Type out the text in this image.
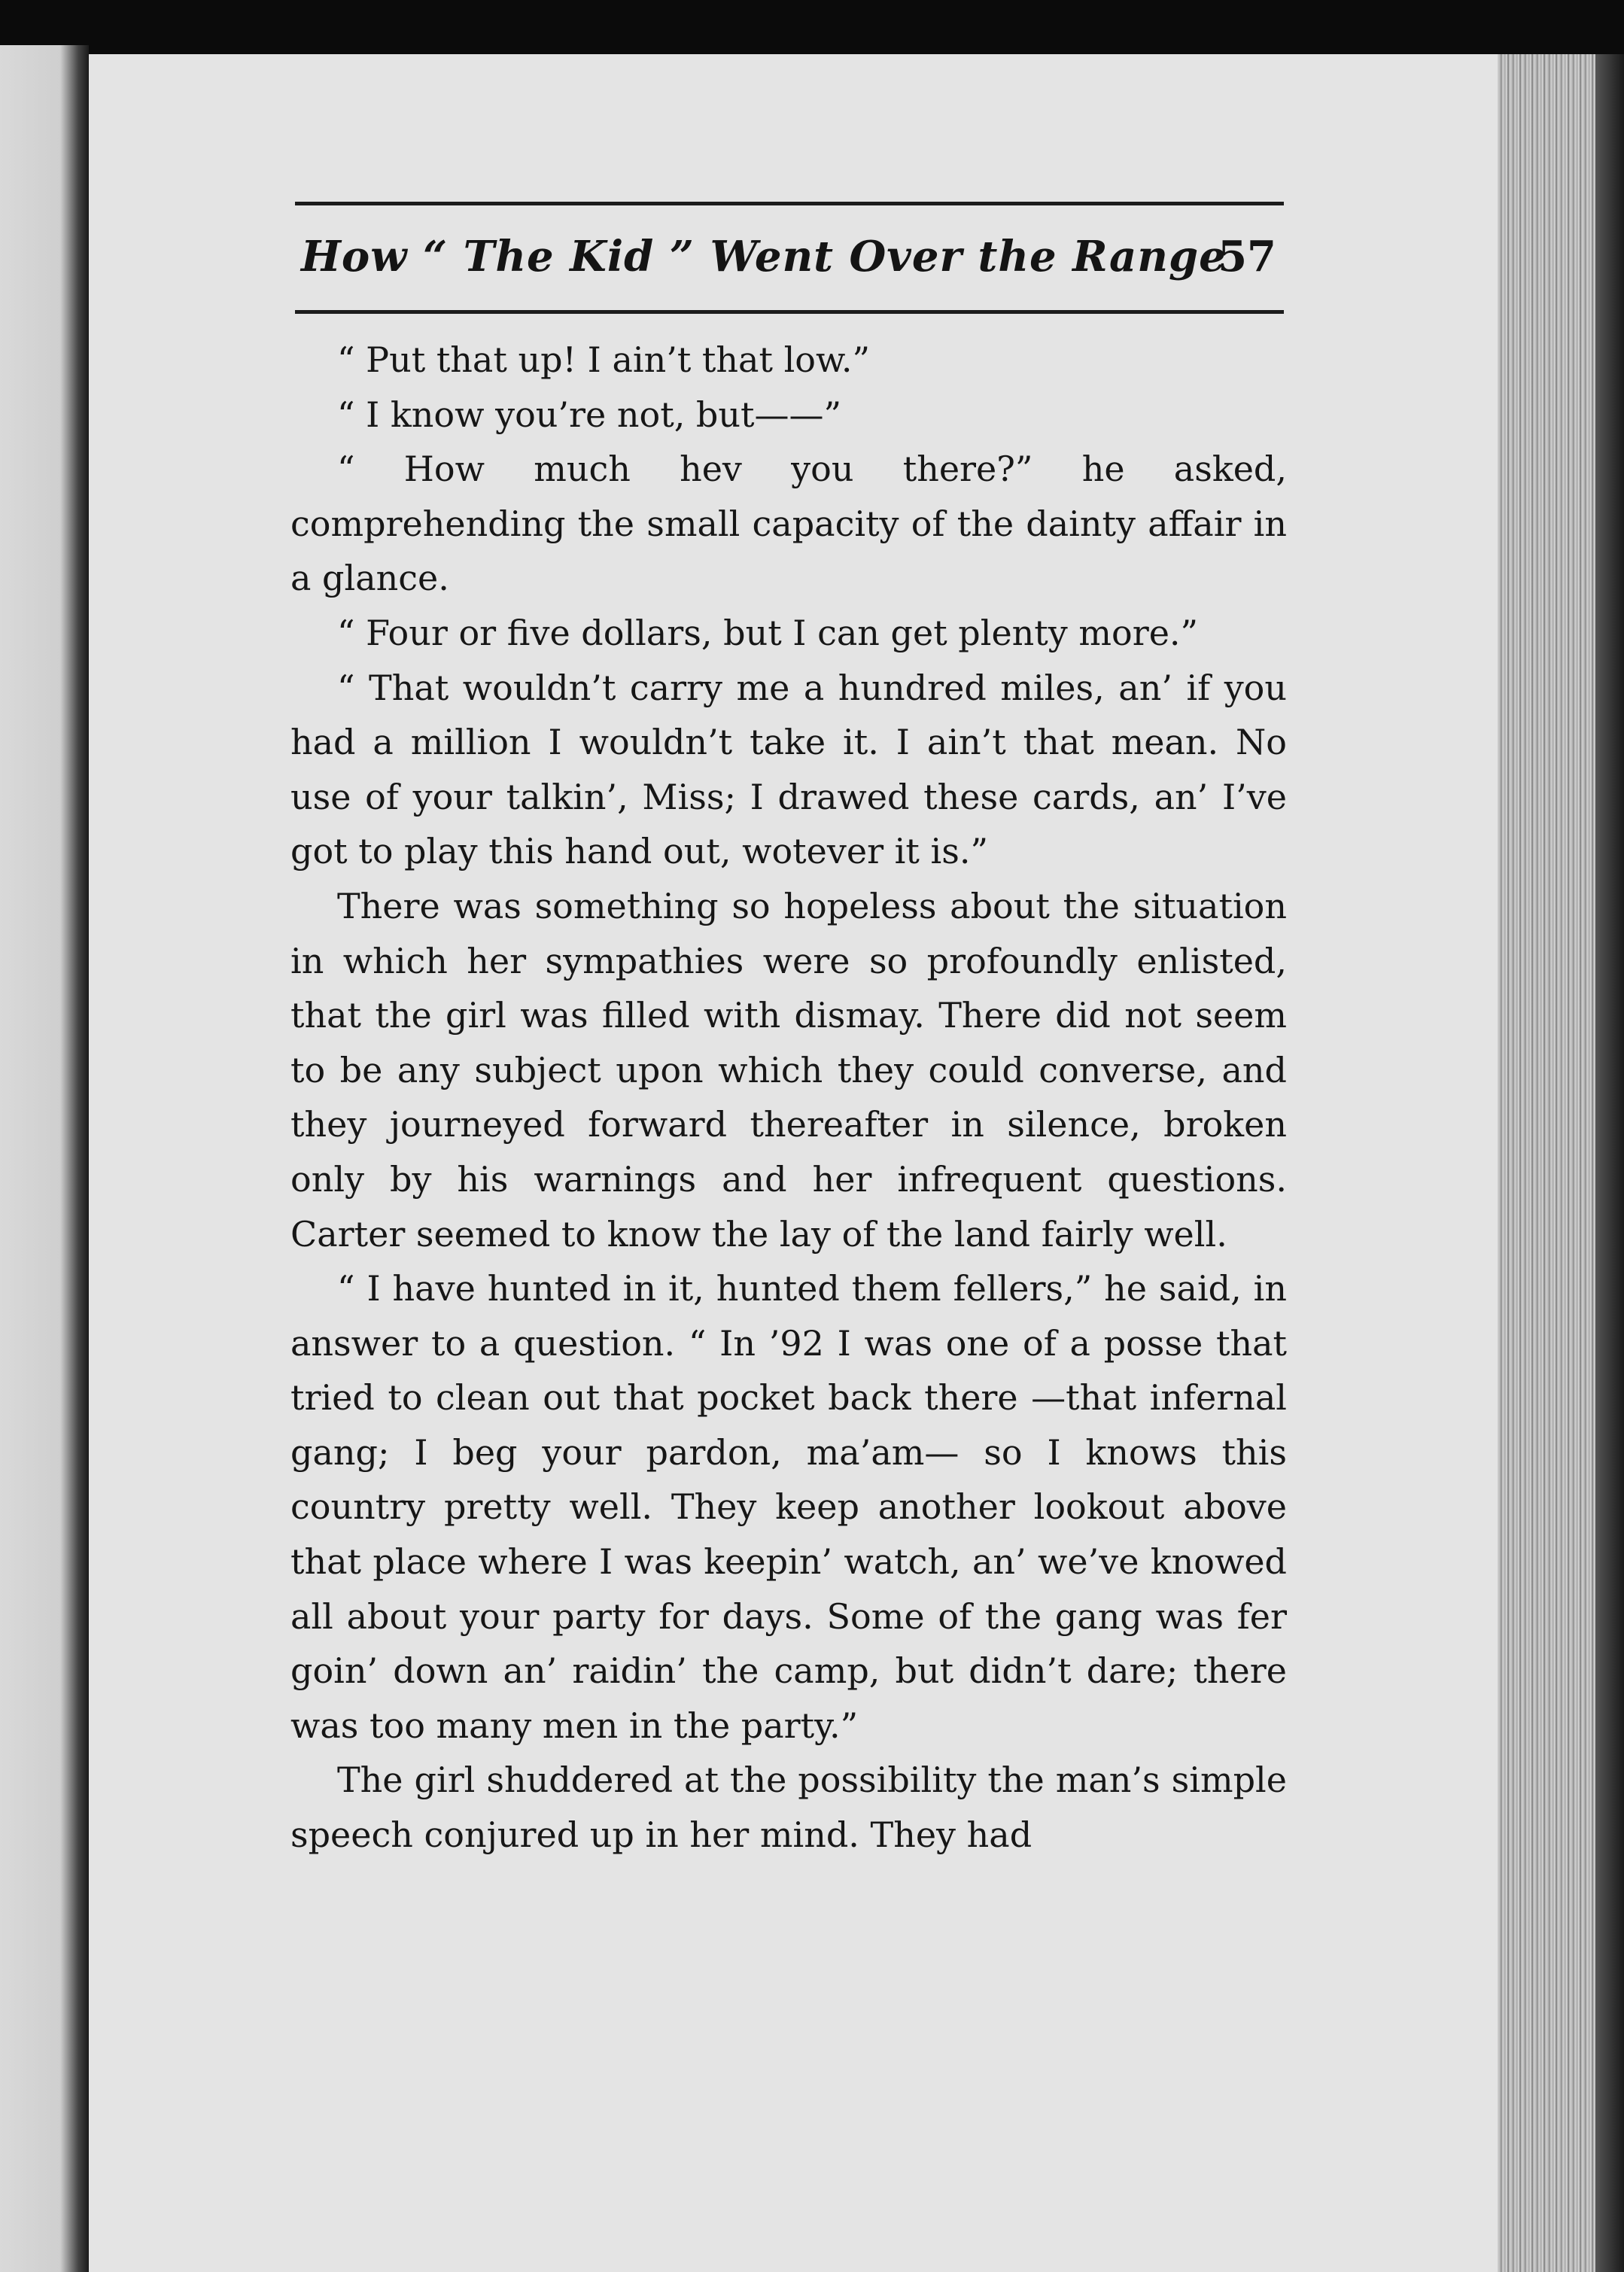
How “ The Kid ” Went Over the Range
57

“ Put that up! I ain’t that low.”

“ I know you’re not, but——”

“ How much hev you there?” he asked, comprehending the small capacity of the dainty affair in a glance.

“ Four or five dollars, but I can get plenty more.”

“ That wouldn’t carry me a hundred miles, an’ if you had a million I wouldn’t take it. I ain’t that mean. No use of your talkin’, Miss; I drawed these cards, an’ I’ve got to play this hand out, wotever it is.”

There was something so hopeless about the situation in which her sympathies were so profoundly enlisted, that the girl was filled with dismay. There did not seem to be any subject upon which they could converse, and they journeyed forward thereafter in silence, broken only by his warnings and her infrequent questions. Carter seemed to know the lay of the land fairly well.

“ I have hunted in it, hunted them fellers,” he said, in answer to a question. “ In ’92 I was one of a posse that tried to clean out that pocket back there —that infernal gang; I beg your pardon, ma’am— so I knows this country pretty well. They keep another lookout above that place where I was keepin’ watch, an’ we’ve knowed all about your party for days. Some of the gang was fer goin’ down an’ raidin’ the camp, but didn’t dare; there was too many men in the party.”

The girl shuddered at the possibility the man’s simple speech conjured up in her mind. They had
